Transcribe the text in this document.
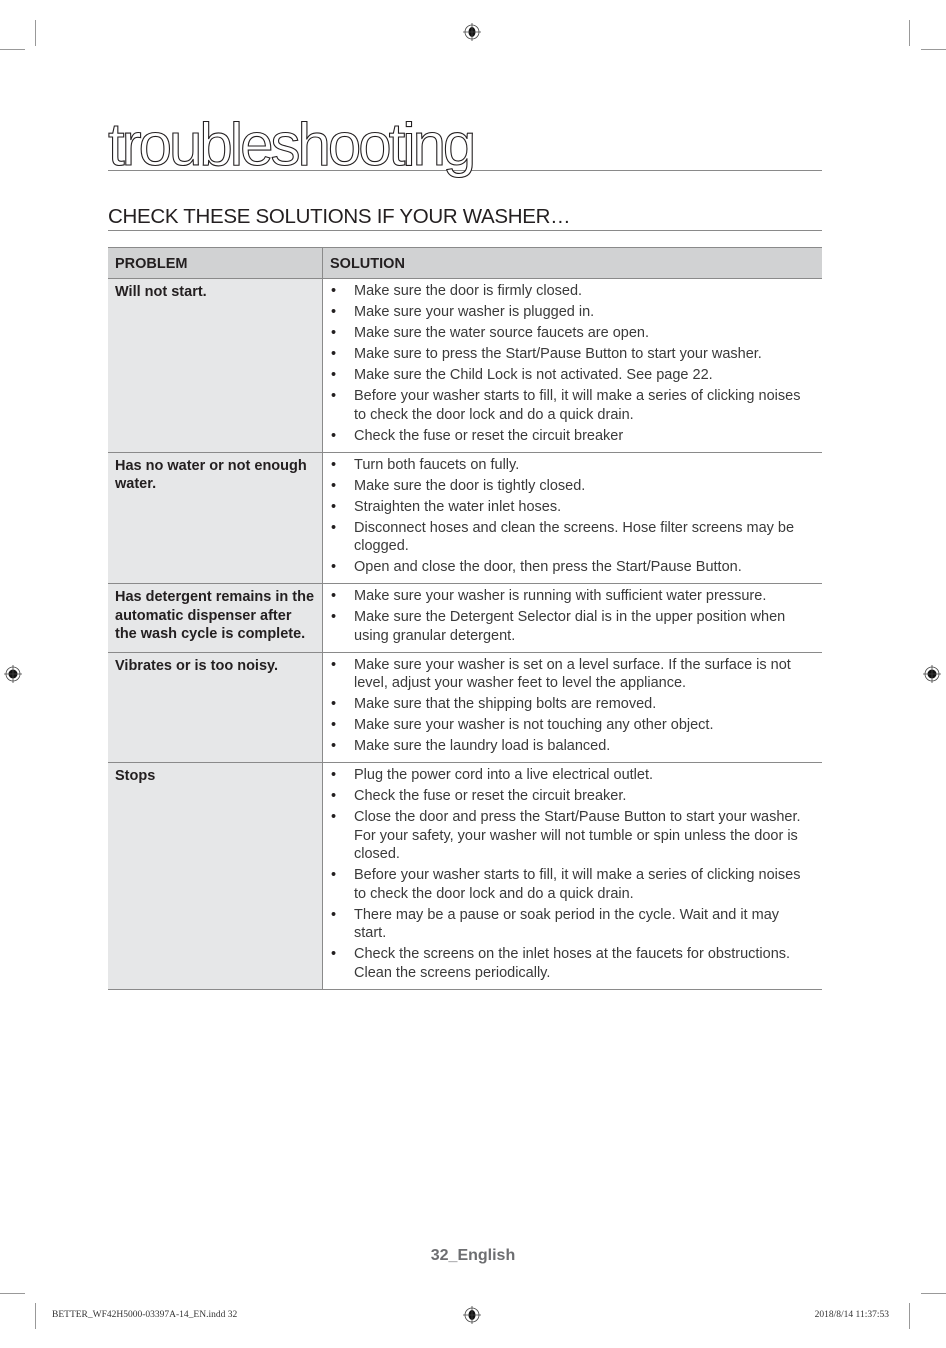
troubleshooting
CHECK THESE SOLUTIONS IF YOUR WASHER…
PROBLEM	SOLUTION
Will not start.	
•Make sure the door is firmly closed.
• Make sure your washer is plugged in.
• Make sure the water source faucets are open.
• Make sure to press the Start/Pause Button to start your washer.
• Make sure the Child Lock is not activated. See page 22.
• Before your washer starts to fill, it will make a series of clicking noises to check the door lock and do a quick drain.
• Check the fuse or reset the circuit breaker

Has no water or not enough water.	
• Turn both faucets on fully.
• Make sure the door is tightly closed.
• Straighten the water inlet hoses.
• Disconnect hoses and clean the screens. Hose filter screens may be clogged.
• Open and close the door, then press the Start/Pause Button.

Has detergent remains in the automatic dispenser after the wash cycle is complete.	
• Make sure your washer is running with sufficient water pressure.
• Make sure the Detergent Selector dial is in the upper position when using granular detergent.

Vibrates or is too noisy.	
•Make sure your washer is set on a level surface. If the surface is not level, adjust your washer feet to level the appliance.
• Make sure that the shipping bolts are removed.
• Make sure your washer is not touching any other object.
• Make sure the laundry load is balanced.

Stops	
•Plug the power cord into a live electrical outlet.
• Check the fuse or reset the circuit breaker.
• Close the door and press the Start/Pause Button to start your washer.
For your safety, your washer will not tumble or spin unless the door is closed.
• Before your washer starts to fill, it will make a series of clicking noises to check the door lock and do a quick drain.
• There may be a pause or soak period in the cycle. Wait and it may start.
• Check the screens on the inlet hoses at the faucets for obstructions. Clean the screens periodically.
32_English
BETTER_WF42H5000-03397A-14_EN.indd 32	2018/8/14 11:37:53
